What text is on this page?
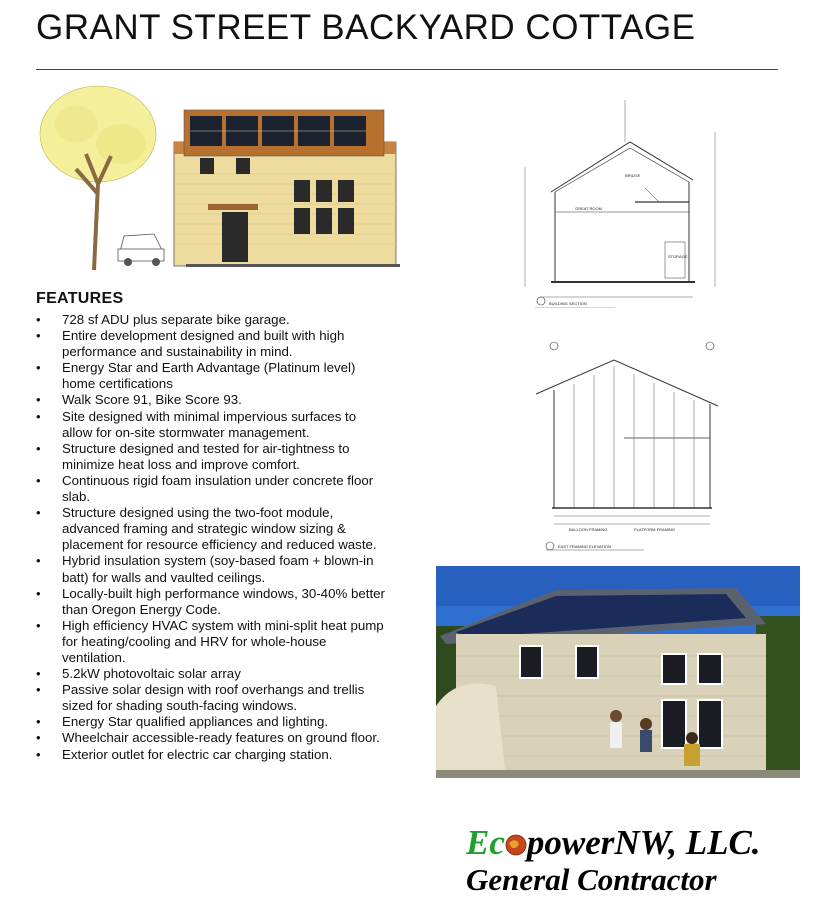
GRANT STREET BACKYARD COTTAGE
BRIDGE
GREAT ROOM
STORAGE
BUILDING SECTION
BALLOON FRAMING	PLATFORM FRAMING
EAST FRAMING ELEVATION
FEATURES
• 728 sf ADU plus separate bike garage.
• Entire development designed and built with high performance and sustainability in mind.
• Energy Star and Earth Advantage (Platinum level) home certifications
• Walk Score 91, Bike Score 93.
• Site designed with minimal impervious surfaces to allow for on-site stormwater management.
• Structure designed and tested for air-tightness to minimize heat loss and improve comfort.
• Continuous rigid foam insulation under concrete floor slab.
• Structure designed using the two-foot module, advanced framing and strategic window sizing & placement for resource efficiency and reduced waste.
• Hybrid insulation system (soy-based foam + blown-in batt) for walls and vaulted ceilings.
• Locally-built high performance windows, 30-40% better than Oregon Energy Code.
• High efficiency HVAC system with mini-split heat pump for heating/cooling and HRV for whole-house ventilation.
• 5.2kW photovoltaic solar array
• Passive solar design with roof overhangs and trellis sized for shading south-facing windows.
• Energy Star qualified appliances and lighting.
• Wheelchair accessible-ready features on ground floor.
• Exterior outlet for electric car charging station.
Ec powerNW, LLC.
General Contractor
